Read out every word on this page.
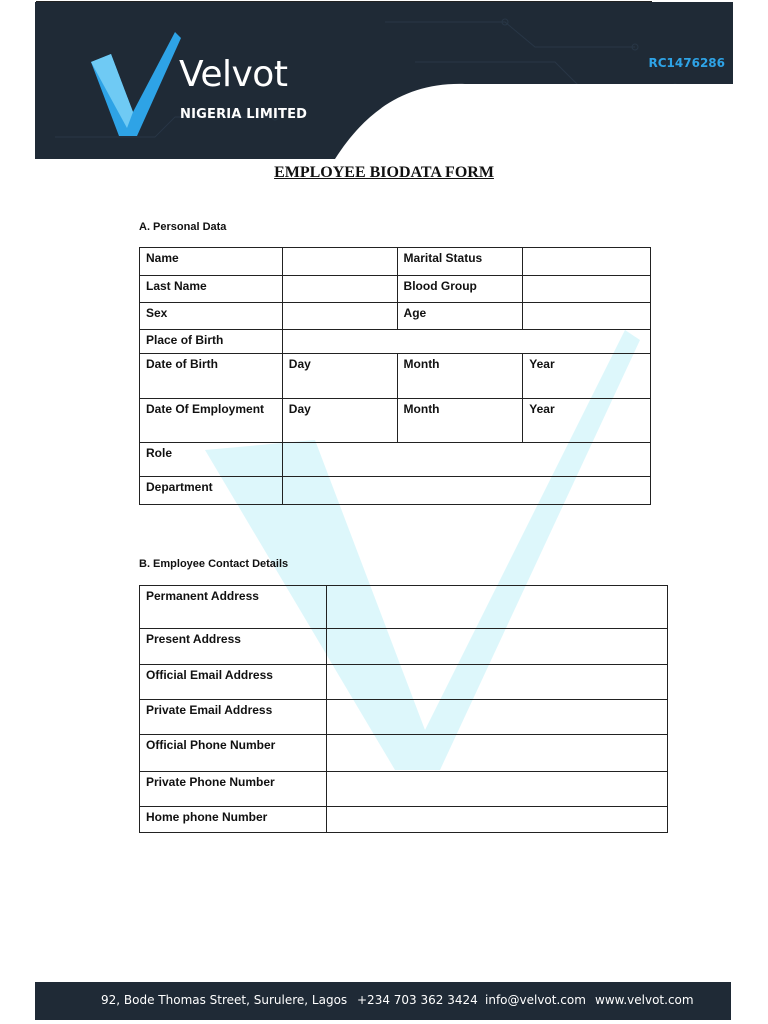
Velvot
NIGERIA LIMITED
RC1476286
EMPLOYEE BIODATA FORM
A. Personal Data
Name		Marital Status	
Last Name		Blood Group	
Sex		Age	
Place of Birth			
Date of Birth	Day	Month	Year
Date Of Employment	Day	Month	Year
Role			
Department			
B. Employee Contact Details
Permanent Address	
Present Address	
Official Email Address	
Private Email Address	
Official Phone Number	
Private Phone Number	
Home phone Number	
92, Bode Thomas Street, Surulere, Lagos +234 703 362 3424 info@velvot.com www.velvot.com
